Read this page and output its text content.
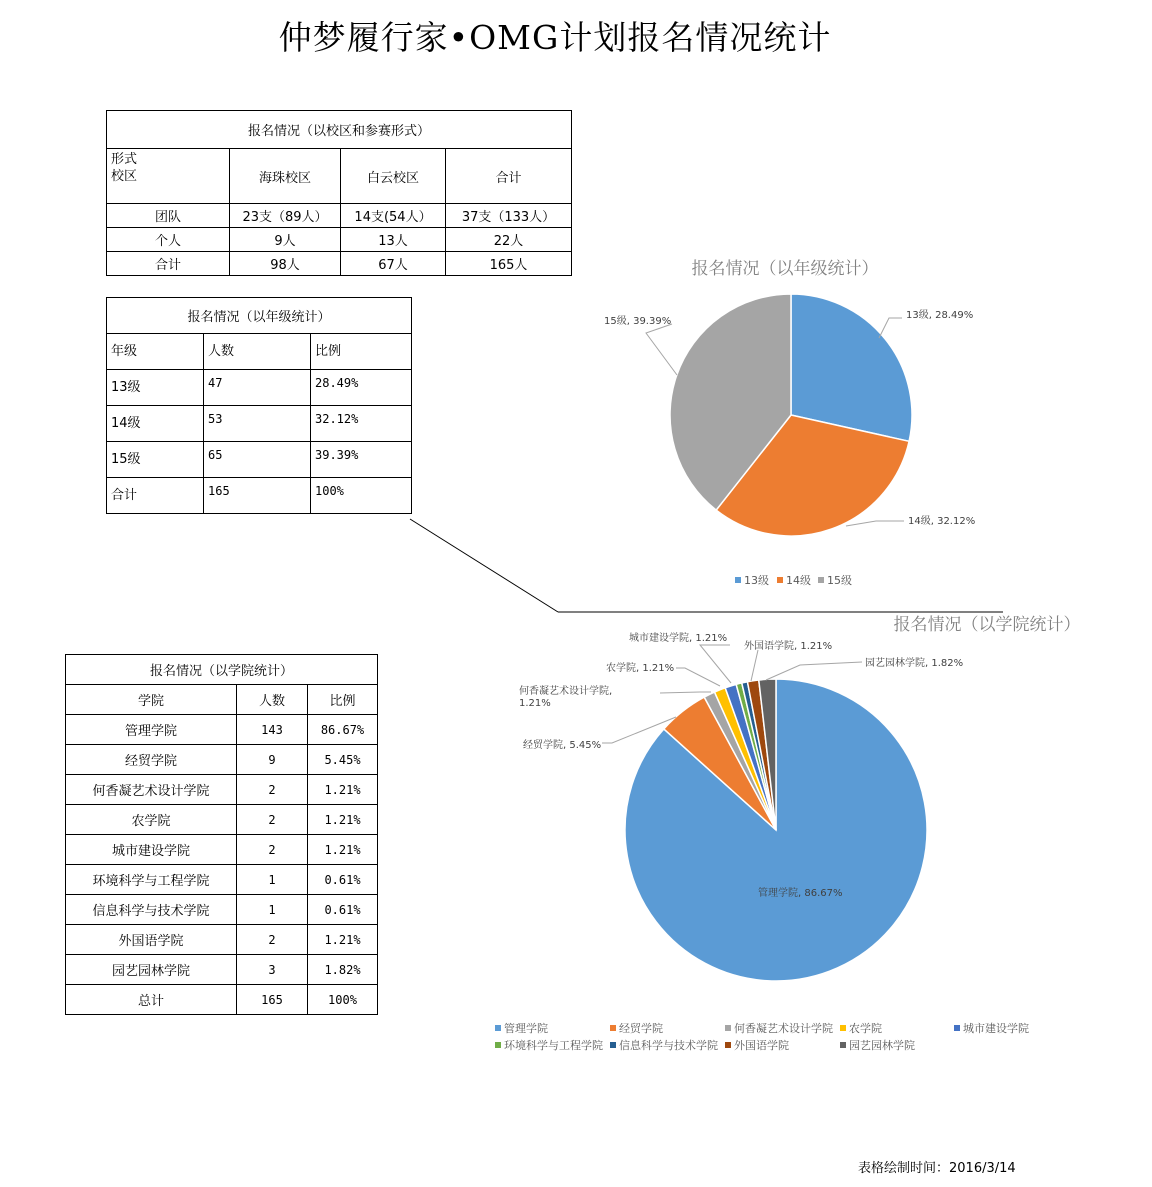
仲梦履行家•OMG计划报名情况统计
报名情况（以校区和参赛形式）			

形式
校区	海珠校区	白云校区	合计
团队	23支（89人）	14支(54人）	37支（133人）
个人	9人	13人	22人
合计	98人	67人	165人
报名情况（以年级统计）		
年级	人数	比例
13级	47	28.49%
14级	53	32.12%
15级	65	39.39%
合计	165	100%
报名情况（以学院统计）		
学院	人数	比例
管理学院	143	86.67%
经贸学院	9	5.45%
何香凝艺术设计学院	2	1.21%
农学院	2	1.21%
城市建设学院	2	1.21%
环境科学与工程学院	1	0.61%
信息科学与技术学院	1	0.61%
外国语学院	2	1.21%
园艺园林学院	3	1.82%
总计	165	100%
报名情况（以年级统计）
13级, 28.49%
14级, 32.12%
15级, 39.39%
13级 14级 15级
报名情况（以学院统计）
管理学院, 86.67%
经贸学院, 5.45%
何香凝艺术设计学院,
1.21%
农学院, 1.21%
城市建设学院, 1.21%
外国语学院, 1.21%
园艺园林学院, 1.82%
管理学院	经贸学院	何香凝艺术设计学院 农学院	城市建设学院
环境科学与工程学院 信息科学与技术学院 外国语学院	园艺园林学院
表格绘制时间：2016/3/14
